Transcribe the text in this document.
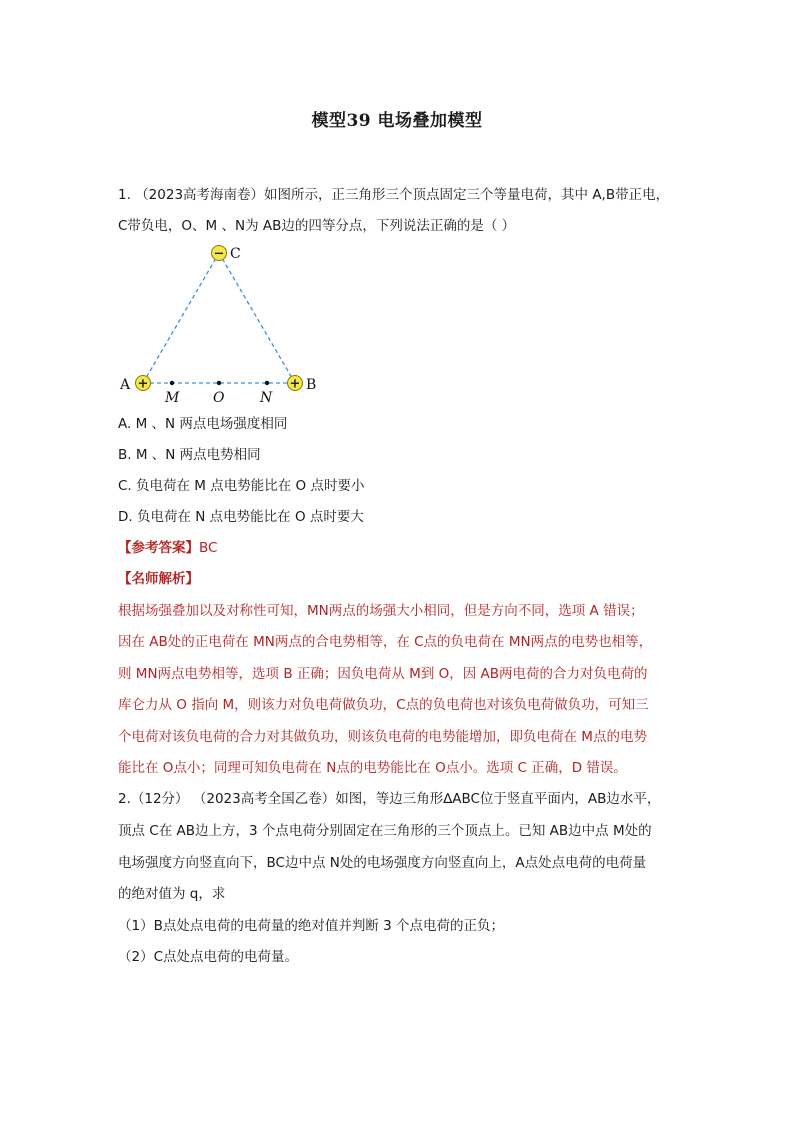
模型39 电场叠加模型
1. （2023高考海南卷）如图所示，正三角形三个顶点固定三个等量电荷，其中 A,B带正电，
C带负电，O、M 、N为 AB边的四等分点，下列说法正确的是（ ）
−
+	+
C
A	B
M O	N
A. M 、N 两点电场强度相同
B. M 、N 两点电势相同
C. 负电荷在 M 点电势能比在 O 点时要小
D. 负电荷在 N 点电势能比在 O 点时要大
【参考答案】BC
【名师解析】
根据场强叠加以及对称性可知，MN两点的场强大小相同，但是方向不同，选项 A 错误；
因在 AB处的正电荷在 MN两点的合电势相等，在 C点的负电荷在 MN两点的电势也相等，
则 MN两点电势相等，选项 B 正确；因负电荷从 M到 O，因 AB两电荷的合力对负电荷的
库仑力从 O 指向 M，则该力对负电荷做负功，C点的负电荷也对该负电荷做负功，可知三
个电荷对该负电荷的合力对其做负功，则该负电荷的电势能增加，即负电荷在 M点的电势
能比在 O点小；同理可知负电荷在 N点的电势能比在 O点小。选项 C 正确，D 错误。
2.（12分） （2023高考全国乙卷）如图，等边三角形∆ABC位于竖直平面内，AB边水平，
顶点 C在 AB边上方，3 个点电荷分别固定在三角形的三个顶点上。已知 AB边中点 M处的
电场强度方向竖直向下，BC边中点 N处的电场强度方向竖直向上，A点处点电荷的电荷量
的绝对值为 q，求
（1）B点处点电荷的电荷量的绝对值并判断 3 个点电荷的正负；
（2）C点处点电荷的电荷量。
